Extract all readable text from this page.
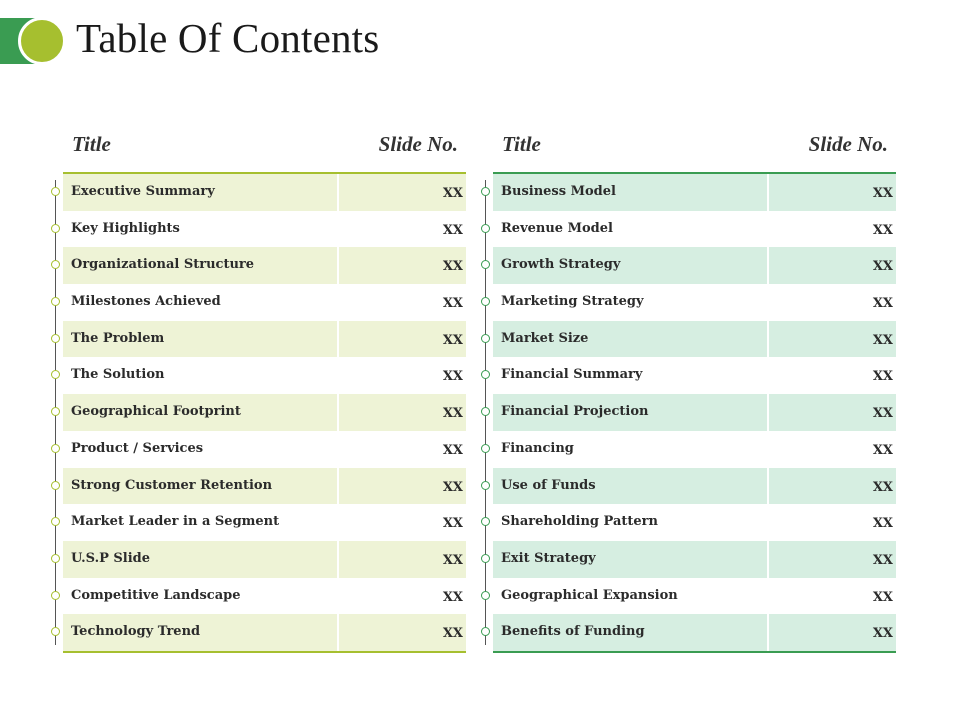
Table Of Contents
Title	Slide No.
Executive Summary	XX
Key Highlights	XX
Organizational Structure	XX
Milestones Achieved	XX
The Problem	XX
The Solution	XX
Geographical Footprint	XX
Product / Services	XX
Strong Customer Retention	XX
Market Leader in a Segment	XX
U.S.P Slide	XX
Competitive Landscape	XX
Technology Trend	XX
Title	Slide No.
Business Model	XX
Revenue Model	XX
Growth Strategy	XX
Marketing Strategy	XX
Market Size	XX
Financial Summary	XX
Financial Projection	XX
Financing	XX
Use of Funds	XX
Shareholding Pattern	XX
Exit Strategy	XX
Geographical Expansion	XX
Benefits of Funding	XX
